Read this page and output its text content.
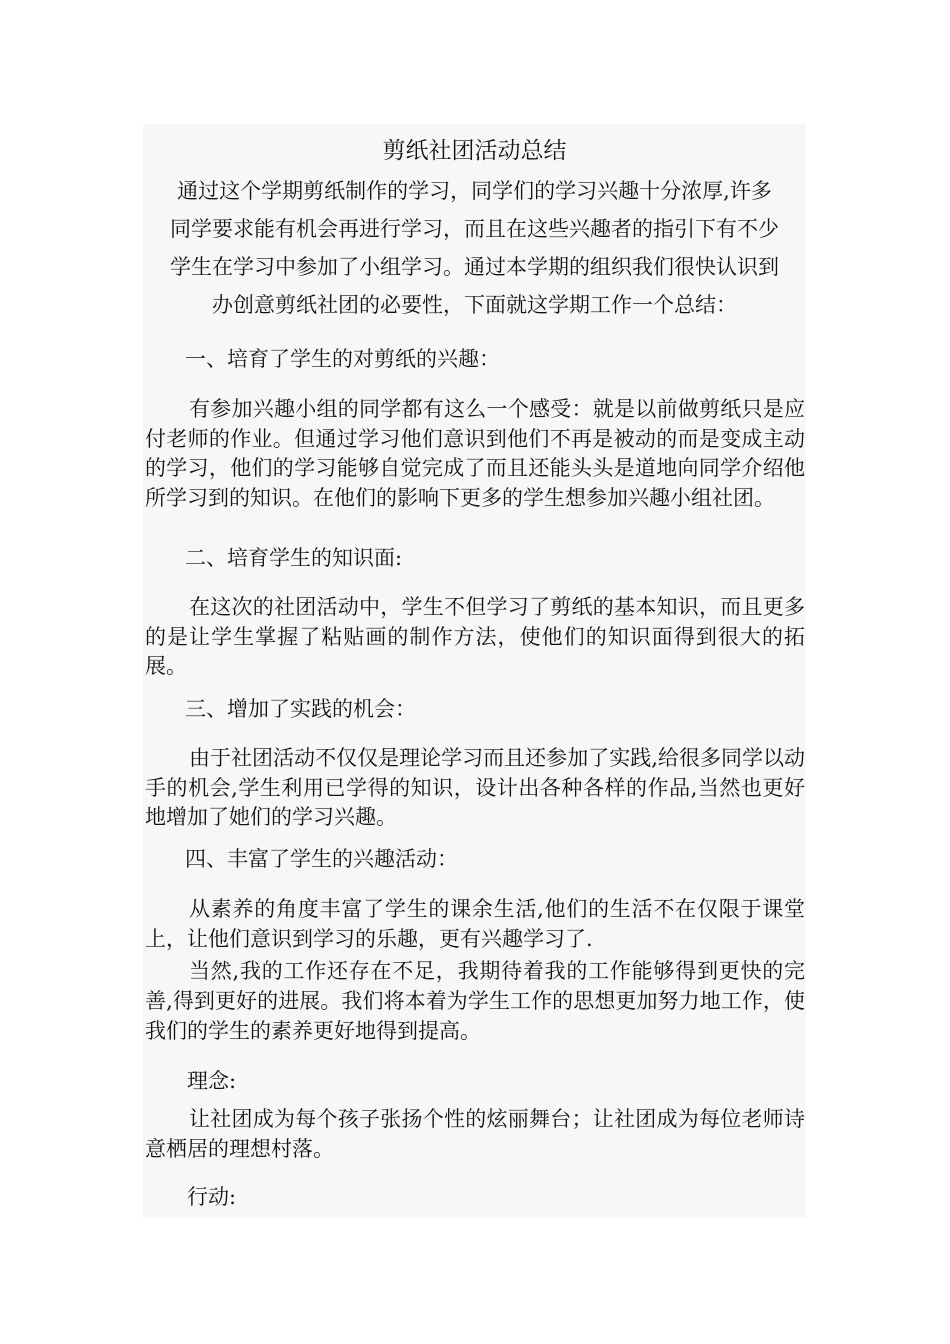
剪纸社团活动总结

通过这个学期剪纸制作的学习，同学们的学习兴趣十分浓厚,许多

同学要求能有机会再进行学习，而且在这些兴趣者的指引下有不少

学生在学习中参加了小组学习。通过本学期的组织我们很快认识到

办创意剪纸社团的必要性，下面就这学期工作一个总结：

一、培育了学生的对剪纸的兴趣：

有参加兴趣小组的同学都有这么一个感受：就是以前做剪纸只是应付老师的作业。但通过学习他们意识到他们不再是被动的而是变成主动的学习，他们的学习能够自觉完成了而且还能头头是道地向同学介绍他所学习到的知识。在他们的影响下更多的学生想参加兴趣小组社团。

二、培育学生的知识面:

在这次的社团活动中，学生不但学习了剪纸的基本知识，而且更多的是让学生掌握了粘贴画的制作方法，使他们的知识面得到很大的拓展。

三、增加了实践的机会：

由于社团活动不仅仅是理论学习而且还参加了实践,给很多同学以动手的机会,学生利用已学得的知识，设计出各种各样的作品,当然也更好地增加了她们的学习兴趣。

四、丰富了学生的兴趣活动：

从素养的角度丰富了学生的课余生活,他们的生活不在仅限于课堂上，让他们意识到学习的乐趣，更有兴趣学习了.

当然,我的工作还存在不足，我期待着我的工作能够得到更快的完善,得到更好的进展。我们将本着为学生工作的思想更加努力地工作，使我们的学生的素养更好地得到提高。

理念:

让社团成为每个孩子张扬个性的炫丽舞台；让社团成为每位老师诗意栖居的理想村落。

行动:
